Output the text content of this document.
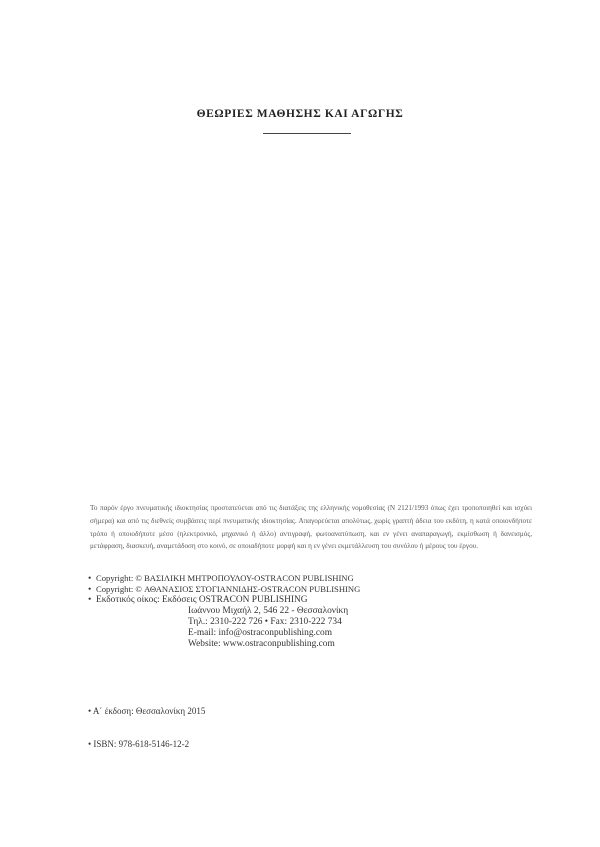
ΘΕΩΡΙΕΣ ΜΑΘΗΣΗΣ ΚΑΙ ΑΓΩΓΗΣ
Το παρόν έργο πνευματικής ιδιοκτησίας προστατεύεται από τις διατάξεις της ελληνικής νομοθεσίας (Ν 2121/1993 όπως έχει τροποποιηθεί και ισχύει σήμερα) και από τις διεθνείς συμβάσεις περί πνευματικής ιδιοκτησίας. Απαγορεύεται απολύτως, χωρίς γραπτή άδεια του εκδότη, η κατά οποιονδήποτε τρόπο ή οποιοδήποτε μέσο (ηλεκτρονικό, μηχανικό ή άλλο) αντιγραφή, φωτοανατύπωση, και εν γένει αναπαραγωγή, εκμίσθωση ή δανεισμός, μετάφραση, διασκευή, αναμετάδοση στο κοινό, σε οποιαδήποτε μορφή και η εν γένει εκμετάλλευση του συνόλου ή μέρους του έργου.
• Copyright: © ΒΑΣΙΛΙΚΗ ΜΗΤΡΟΠΟΥΛΟΥ-OSTRACON PUBLISHING
• Copyright: © ΑΘΑΝΑΣΙΟΣ ΣΤΟΓΙΑΝΝΙΔΗΣ-OSTRACON PUBLISHING
• Εκδοτικός οίκος: Εκδόσεις OSTRACON PUBLISHING
Ιωάννου Μιχαήλ 2, 546 22 - Θεσσαλονίκη
Τηλ.: 2310-222 726 • Fax: 2310-222 734
E-mail: info@ostraconpublishing.com
Website: www.ostraconpublishing.com
• Α΄ έκδοση: Θεσσαλονίκη 2015
• ISBN: 978-618-5146-12-2
